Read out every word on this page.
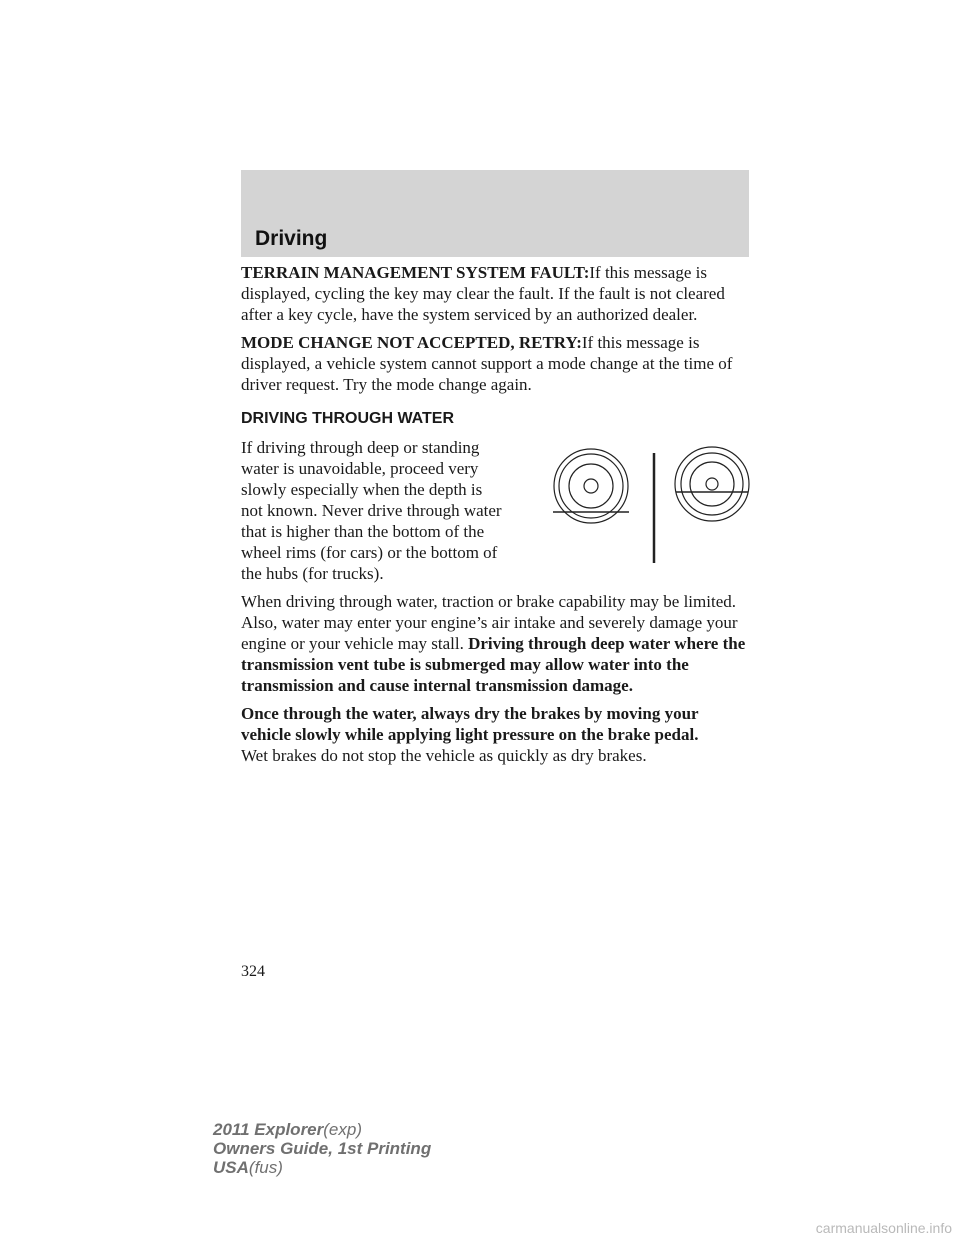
Driving

TERRAIN MANAGEMENT SYSTEM FAULT:If this message is displayed, cycling the key may clear the fault. If the fault is not cleared after a key cycle, have the system serviced by an authorized dealer.

MODE CHANGE NOT ACCEPTED, RETRY:If this message is displayed, a vehicle system cannot support a mode change at the time of driver request. Try the mode change again.

DRIVING THROUGH WATER

If driving through deep or standing water is unavoidable, proceed very slowly especially when the depth is not known. Never drive through water that is higher than the bottom of the wheel rims (for cars) or the bottom of the hubs (for trucks).

When driving through water, traction or brake capability may be limited. Also, water may enter your engine’s air intake and severely damage your engine or your vehicle may stall. Driving through deep water where the transmission vent tube is submerged may allow water into the transmission and cause internal transmission damage.

Once through the water, always dry the brakes by moving your vehicle slowly while applying light pressure on the brake pedal.
Wet brakes do not stop the vehicle as quickly as dry brakes.

324
2011 Explorer(exp)
Owners Guide, 1st Printing
USA(fus)
carmanualsonline.info
